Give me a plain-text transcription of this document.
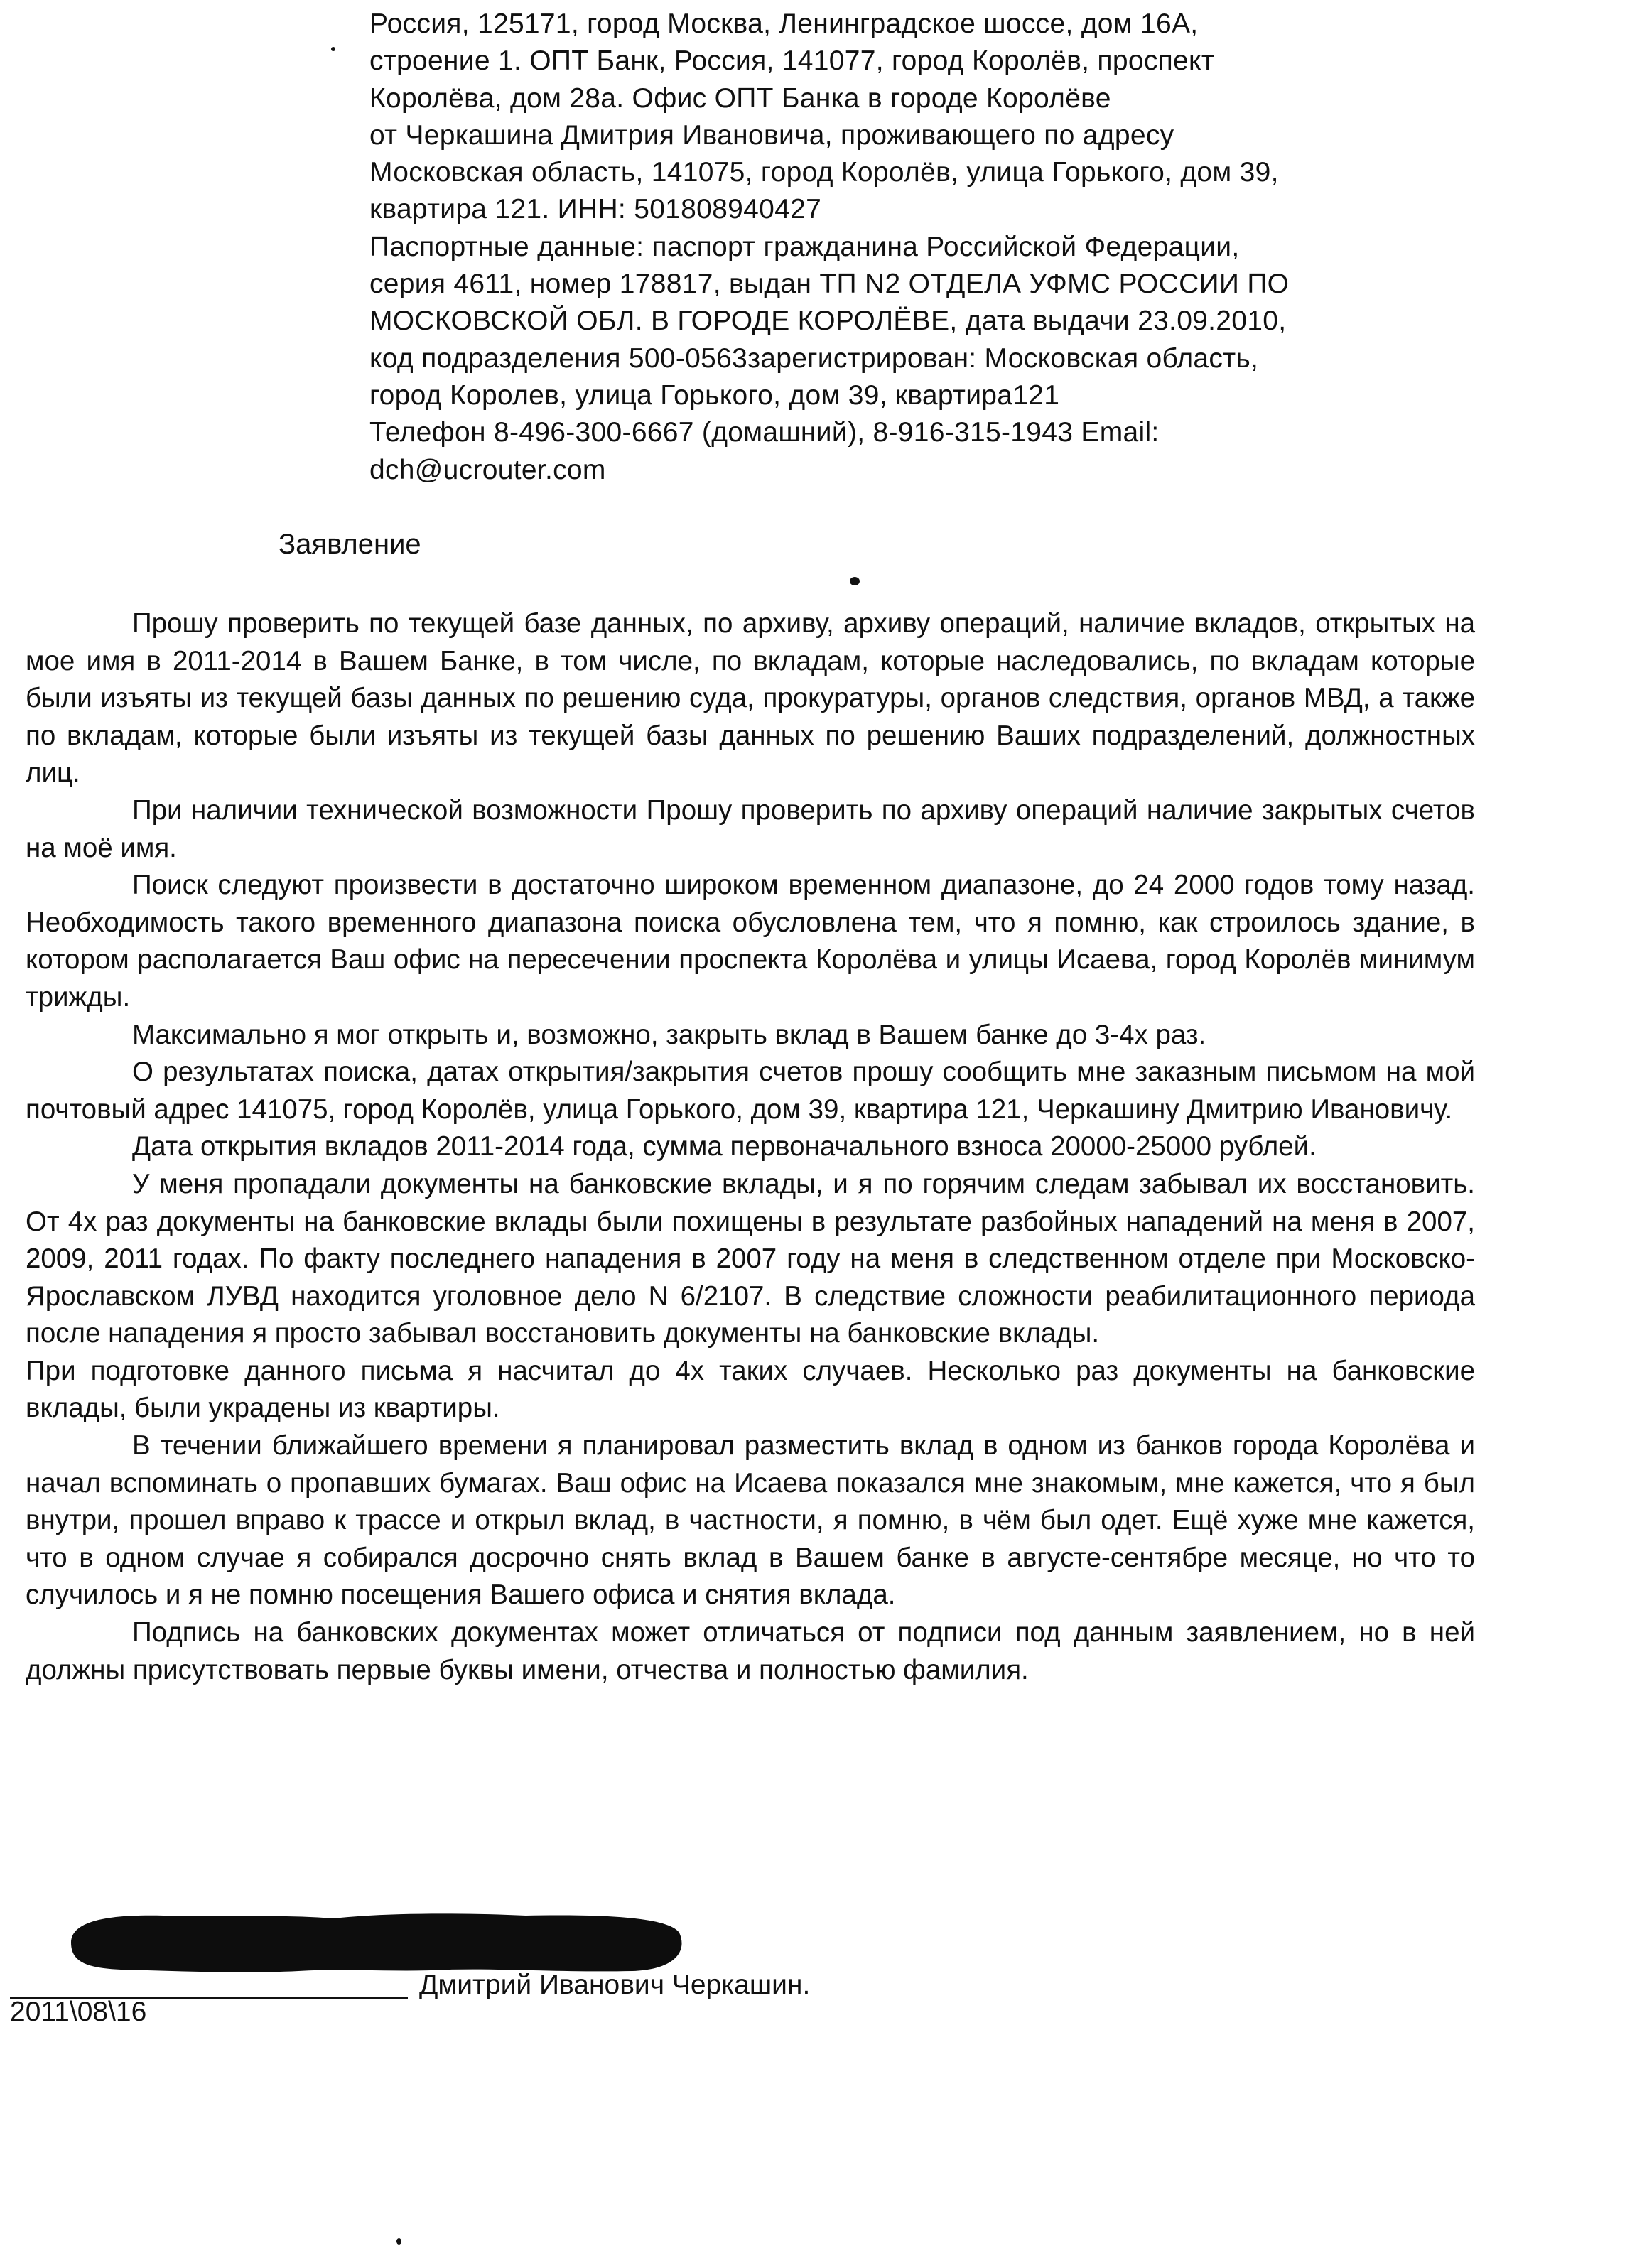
Россия, 125171, город Москва, Ленинградское шоссе, дом 16А,
строение 1. ОПТ Банк, Россия, 141077, город Королёв, проспект
Королёва, дом 28а. Офис ОПТ Банка в городе Королёве
от Черкашина Дмитрия Ивановича, проживающего по адресу
Московская область, 141075, город Королёв, улица Горького, дом 39,
квартира 121. ИНН: 501808940427
Паспортные данные: паспорт гражданина Российской Федерации,
серия 4611, номер 178817, выдан ТП N2 ОТДЕЛА УФМС РОССИИ ПО
МОСКОВСКОЙ ОБЛ. В ГОРОДЕ КОРОЛЁВЕ, дата выдачи 23.09.2010,
код подразделения 500-0563зарегистрирован: Московская область,
город Королев, улица Горького, дом 39, квартира121
Телефон 8-496-300-6667 (домашний), 8-916-315-1943 Email:
dch@ucrouter.com
Заявление

Прошу проверить по текущей базе данных, по архиву, архиву операций, наличие вкладов, открытых на мое имя в 2011-2014 в Вашем Банке, в том числе, по вкладам, которые наследовались, по вкладам которые были изъяты из текущей базы данных по решению суда, прокуратуры, органов следствия, органов МВД, а также по вкладам, которые были изъяты из текущей базы данных по решению Ваших подразделений, должностных лиц.

При наличии технической возможности Прошу проверить по архиву операций наличие закрытых счетов на моё имя.

Поиск следуют произвести в достаточно широком временном диапазоне, до 24 2000 годов тому назад. Необходимость такого временного диапазона поиска обусловлена тем, что я помню, как строилось здание, в котором располагается Ваш офис на пересечении проспекта Королёва и улицы Исаева, город Королёв минимум трижды.

Максимально я мог открыть и, возможно, закрыть вклад в Вашем банке до 3-4х раз.

О результатах поиска, датах открытия/закрытия счетов прошу сообщить мне заказным письмом на мой почтовый адрес 141075, город Королёв, улица Горького, дом 39, квартира 121, Черкашину Дмитрию Ивановичу.

Дата открытия вкладов 2011-2014 года, сумма первоначального взноса 20000-25000 рублей.

У меня пропадали документы на банковские вклады, и я по горячим следам забывал их восстановить. От 4х раз документы на банковские вклады были похищены в результате разбойных нападений на меня в 2007, 2009, 2011 годах. По факту последнего нападения в 2007 году на меня в следственном отделе при Московско-Ярославском ЛУВД находится уголовное дело N 6/2107. В следствие сложности реабилитационного периода после нападения я просто забывал восстановить документы на банковские вклады.

При подготовке данного письма я насчитал до 4х таких случаев. Несколько раз документы на банковские вклады, были украдены из квартиры.

В течении ближайшего времени я планировал разместить вклад в одном из банков города Королёва и начал вспоминать о пропавших бумагах. Ваш офис на Исаева показался мне знакомым, мне кажется, что я был внутри, прошел вправо к трассе и открыл вклад, в частности, я помню, в чём был одет. Ещё хуже мне кажется, что в одном случае я собирался досрочно снять вклад в Вашем банке в августе-сентябре месяце, но что то случилось и я не помню посещения Вашего офиса и снятия вклада.

Подпись на банковских документах может отличаться от подписи под данным заявлением, но в ней должны присутствовать первые буквы имени, отчества и полностью фамилия.

Дмитрий Иванович Черкашин.
2011\08\16
